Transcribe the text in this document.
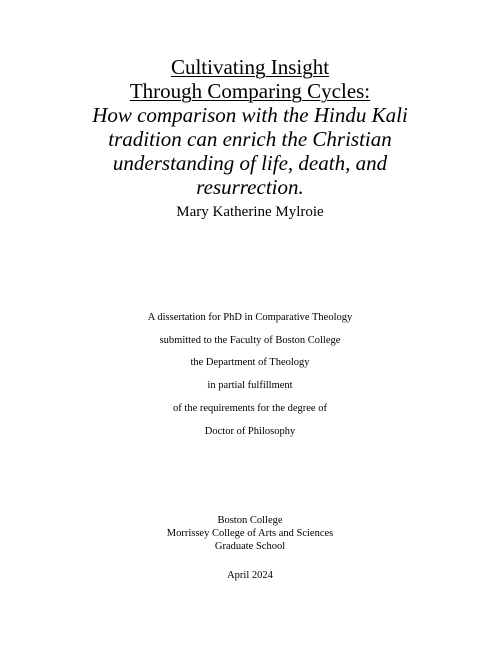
Cultivating Insight
Through Comparing Cycles:
How comparison with the Hindu Kali
tradition can enrich the Christian
understanding of life, death, and
resurrection.
Mary Katherine Mylroie
A dissertation for PhD in Comparative Theology
submitted to the Faculty of Boston College
the Department of Theology
in partial fulfillment
of the requirements for the degree of
Doctor of Philosophy
Boston College
Morrissey College of Arts and Sciences
Graduate School
April 2024
